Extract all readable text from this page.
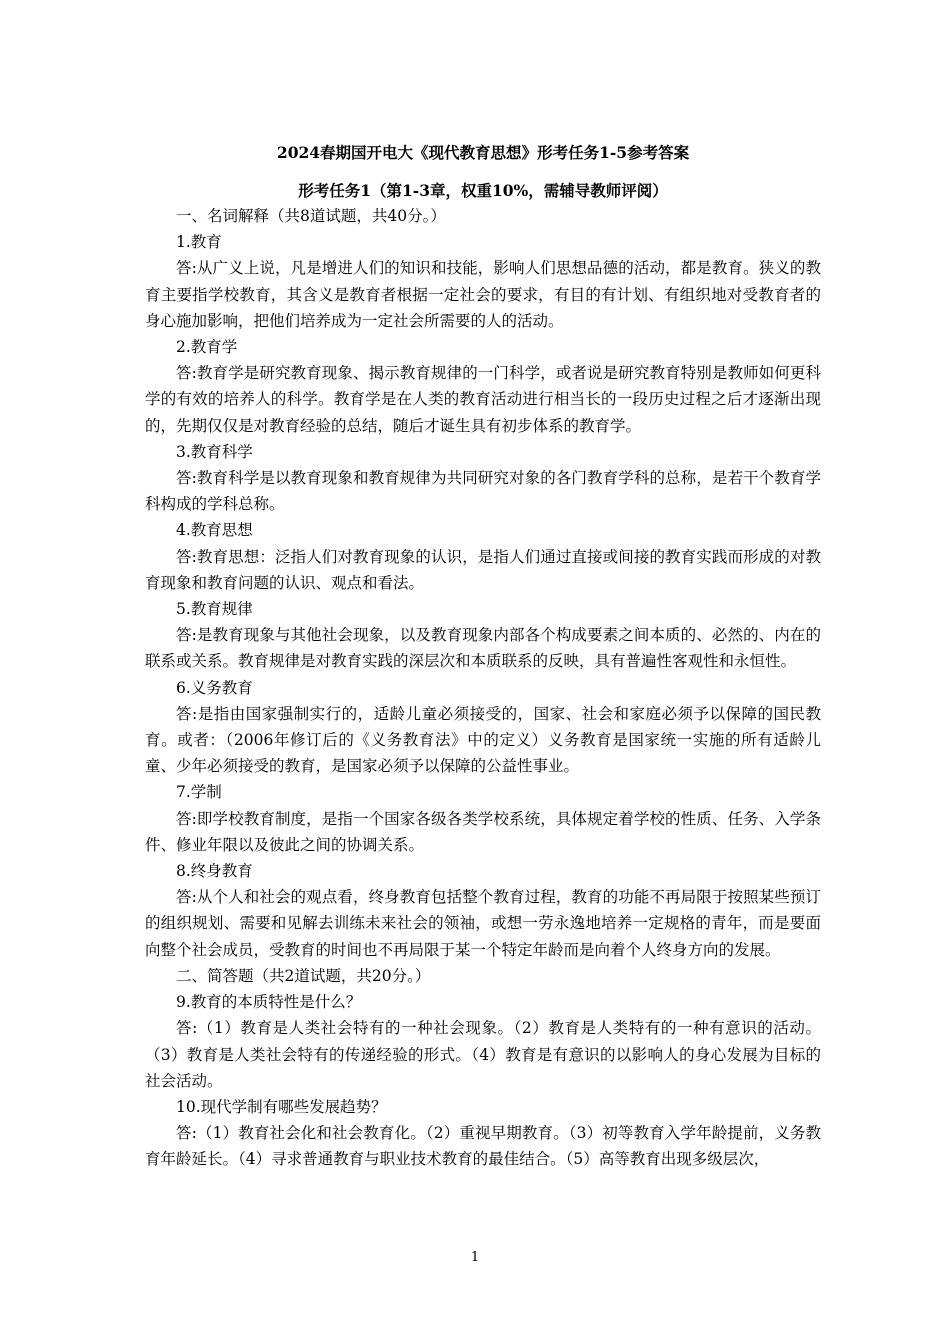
2024春期国开电大《现代教育思想》形考任务1-5参考答案

形考任务1（第1-3章，权重10%，需辅导教师评阅）

一、名词解释（共8道试题，共40分。）

1.教育

答:从广义上说，凡是增进人们的知识和技能，影响人们思想品德的活动，都是教育。狭义的教育主要指学校教育，其含义是教育者根据一定社会的要求，有目的有计划、有组织地对受教育者的身心施加影响，把他们培养成为一定社会所需要的人的活动。

2.教育学

答:教育学是研究教育现象、揭示教育规律的一门科学，或者说是研究教育特别是教师如何更科学的有效的培养人的科学。教育学是在人类的教育活动进行相当长的一段历史过程之后才逐渐出现的，先期仅仅是对教育经验的总结，随后才诞生具有初步体系的教育学。

3.教育科学

答:教育科学是以教育现象和教育规律为共同研究对象的各门教育学科的总称，是若干个教育学科构成的学科总称。

4.教育思想

答:教育思想：泛指人们对教育现象的认识，是指人们通过直接或间接的教育实践而形成的对教育现象和教育问题的认识、观点和看法。

5.教育规律

答:是教育现象与其他社会现象，以及教育现象内部各个构成要素之间本质的、必然的、内在的联系或关系。教育规律是对教育实践的深层次和本质联系的反映，具有普遍性客观性和永恒性。

6.义务教育

答:是指由国家强制实行的，适龄儿童必须接受的，国家、社会和家庭必须予以保障的国民教育。或者：（2006年修订后的《义务教育法》中的定义）义务教育是国家统一实施的所有适龄儿童、少年必须接受的教育，是国家必须予以保障的公益性事业。

7.学制

答:即学校教育制度，是指一个国家各级各类学校系统，具体规定着学校的性质、任务、入学条件、修业年限以及彼此之间的协调关系。

8.终身教育

答:从个人和社会的观点看，终身教育包括整个教育过程，教育的功能不再局限于按照某些预订的组织规划、需要和见解去训练未来社会的领袖，或想一劳永逸地培养一定规格的青年，而是要面向整个社会成员，受教育的时间也不再局限于某一个特定年龄而是向着个人终身方向的发展。

二、简答题（共2道试题，共20分。）

9.教育的本质特性是什么？

答:（1）教育是人类社会特有的一种社会现象。（2）教育是人类特有的一种有意识的活动。（3）教育是人类社会特有的传递经验的形式。（4）教育是有意识的以影响人的身心发展为目标的社会活动。

10.现代学制有哪些发展趋势？

答:（1）教育社会化和社会教育化。（2）重视早期教育。（3）初等教育入学年龄提前，义务教育年龄延长。（4）寻求普通教育与职业技术教育的最佳结合。（5）高等教育出现多级层次，

1
